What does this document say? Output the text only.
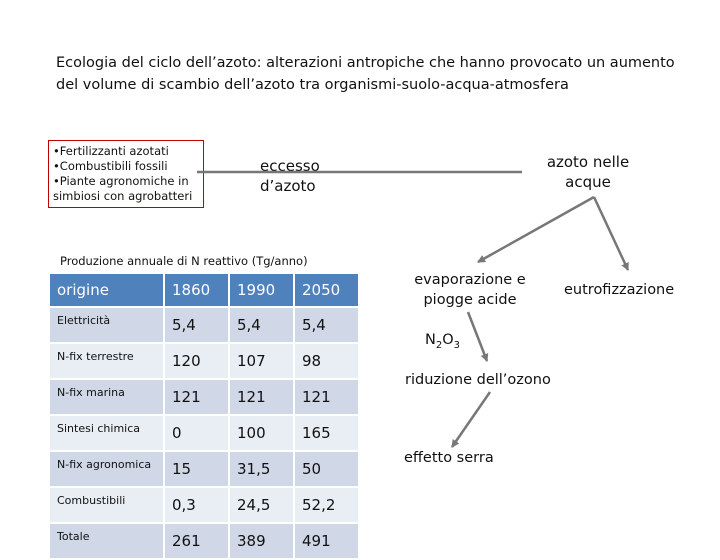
Ecologia del ciclo dell’azoto: alterazioni antropiche che hanno provocato un aumento del volume di scambio dell’azoto tra organismi-suolo-acqua-atmosfera
•Fertilizzanti azotati
•Combustibili fossili
•Piante agronomiche in simbiosi con agrobatteri
eccesso
d’azoto
azoto nelle acque
evaporazione e piogge acide
eutrofizzazione
$N_2O_3$
riduzione dell’ozono
effetto serra
Produzione annuale di N reattivo (Tg/anno)
origine	1860	1990	2050
Elettricità	5,4	5,4	5,4
N-fix terrestre	120	107	98
N-fix marina	121	121	121
Sintesi chimica	0	100	165
N-fix agronomica	15	31,5	50
Combustibili	0,3	24,5	52,2
Totale	261	389	491
